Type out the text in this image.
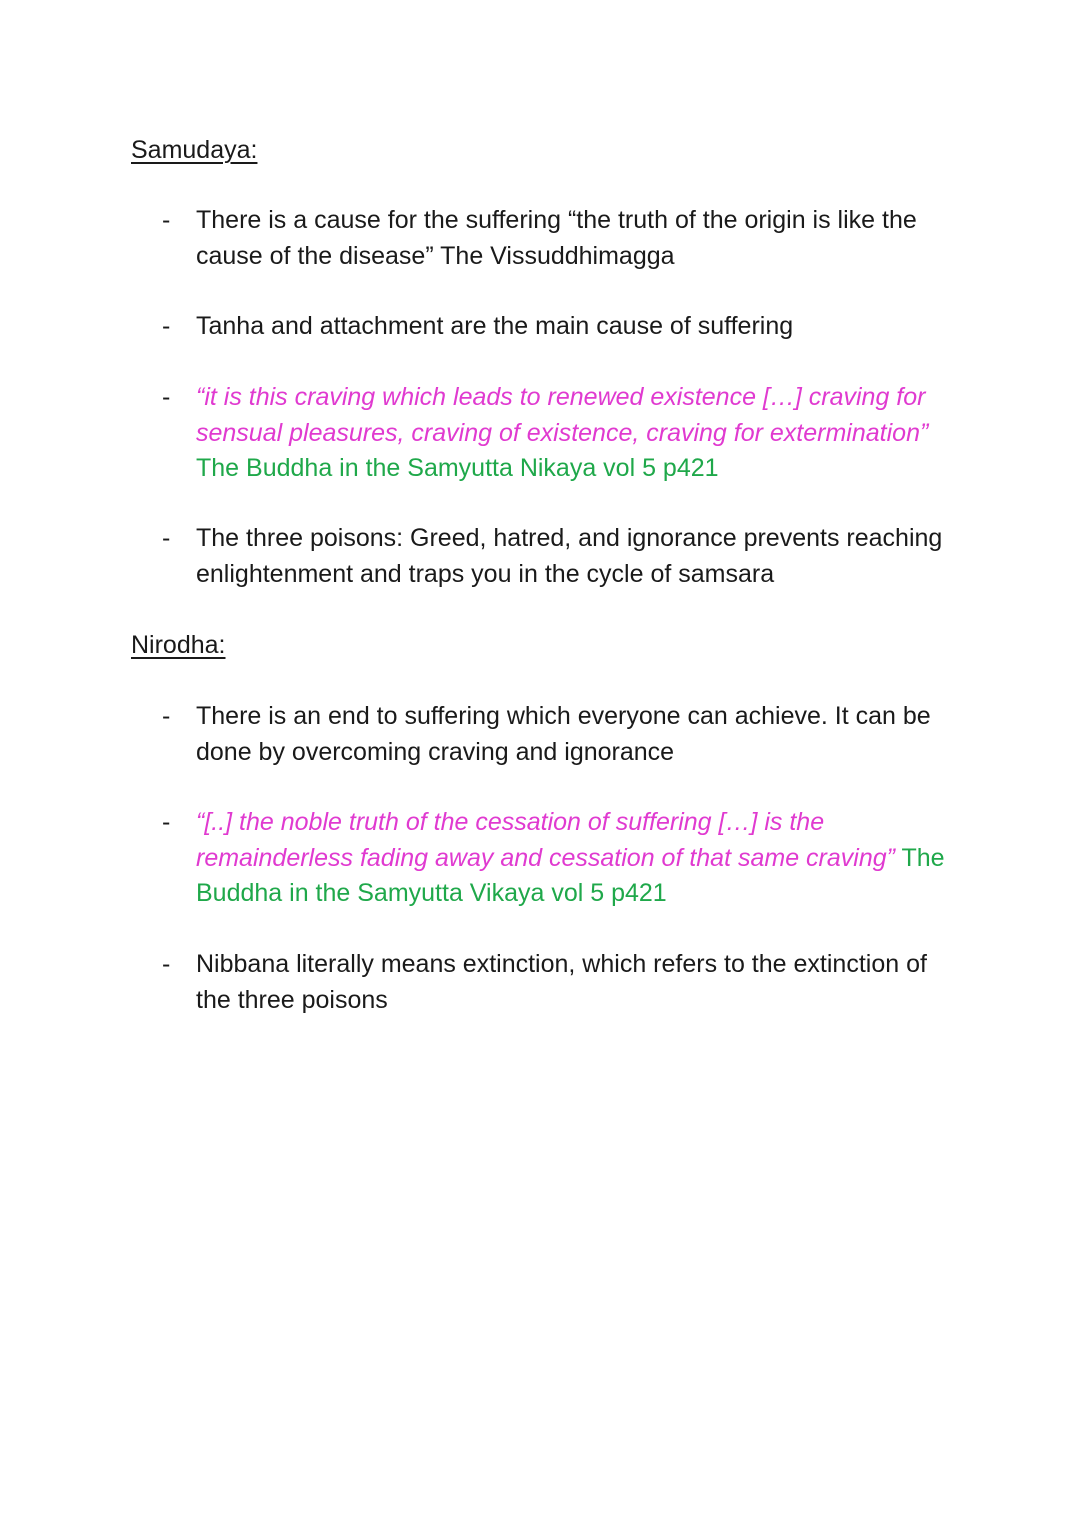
Samudaya:
- There is a cause for the suffering “the truth of the origin is like the cause of the disease” The Vissuddhimagga
- Tanha and attachment are the main cause of suffering
- “it is this craving which leads to renewed existence […] craving for sensual pleasures, craving of existence, craving for extermination” The Buddha in the Samyutta Nikaya vol 5 p421
- The three poisons: Greed, hatred, and ignorance prevents reaching enlightenment and traps you in the cycle of samsara
Nirodha:
- There is an end to suffering which everyone can achieve. It can be done by overcoming craving and ignorance
- “[..] the noble truth of the cessation of suffering […] is the remainderless fading away and cessation of that same craving” The Buddha in the Samyutta Vikaya vol 5 p421
- Nibbana literally means extinction, which refers to the extinction of the three poisons
